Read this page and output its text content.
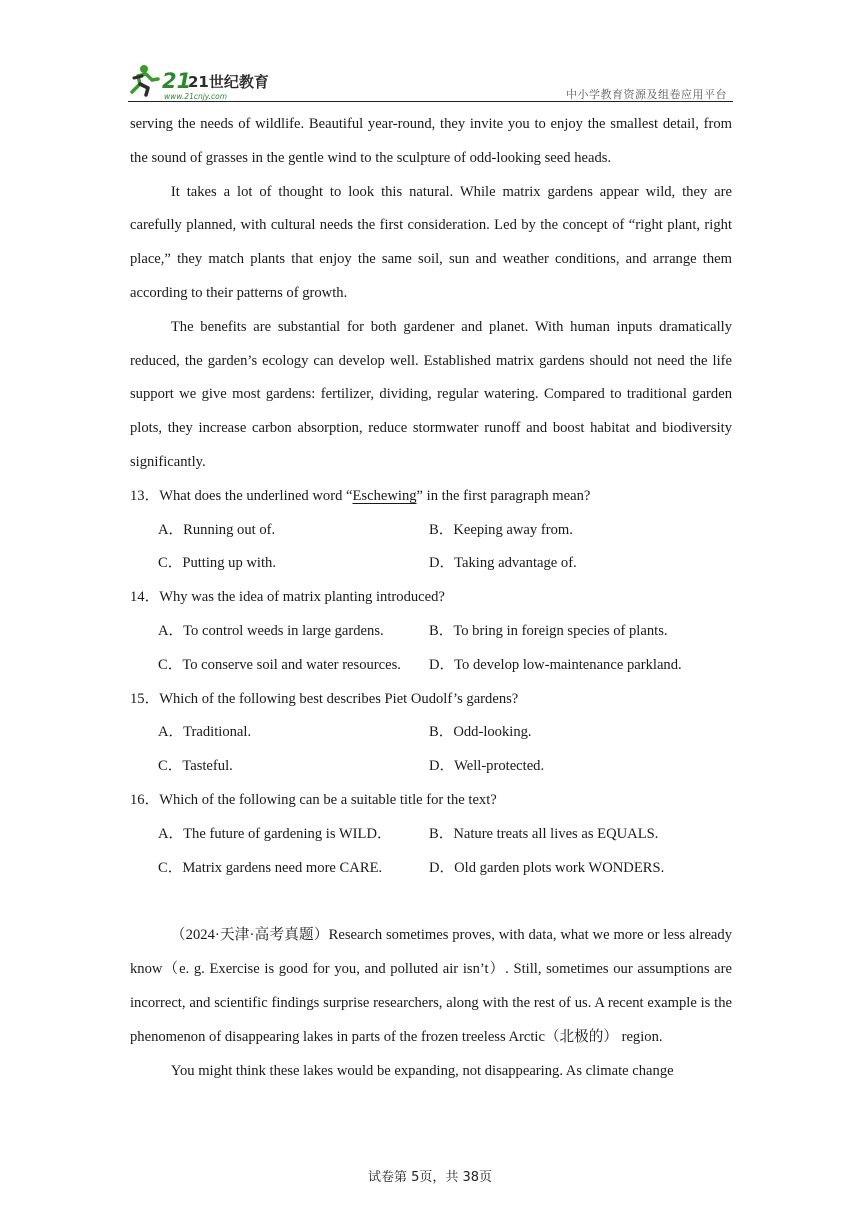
21
21世纪教育
www.21cnjy.com	中小学教育资源及组卷应用平台

serving the needs of wildlife. Beautiful year-round, they invite you to enjoy the smallest detail, from the sound of grasses in the gentle wind to the sculpture of odd-looking seed heads.

It takes a lot of thought to look this natural. While matrix gardens appear wild, they are carefully planned, with cultural needs the first consideration. Led by the concept of “right plant, right place,” they match plants that enjoy the same soil, sun and weather conditions, and arrange them according to their patterns of growth.

The benefits are substantial for both gardener and planet. With human inputs dramatically reduced, the garden’s ecology can develop well. Established matrix gardens should not need the life support we give most gardens: fertilizer, dividing, regular watering. Compared to traditional garden plots, they increase carbon absorption, reduce stormwater runoff and boost habitat and biodiversity significantly.

13．What does the underlined word “Eschewing” in the first paragraph mean?
A．Running out of.	B．Keeping away from.
C．Putting up with.	D．Taking advantage of.
14．Why was the idea of matrix planting introduced?
A．To control weeds in large gardens.	B．To bring in foreign species of plants.
C．To conserve soil and water resources.	D．To develop low-maintenance parkland.
15．Which of the following best describes Piet Oudolf’s gardens?
A．Traditional.	B．Odd-looking.
C．Tasteful.	D．Well-protected.
16．Which of the following can be a suitable title for the text?
A．The future of gardening is WILD．	B．Nature treats all lives as EQUALS.
C．Matrix gardens need more CARE.	D．Old garden plots work WONDERS.

（2024·天津·高考真题）Research sometimes proves, with data, what we more or less already know（e. g. Exercise is good for you, and polluted air isn’t）. Still, sometimes our assumptions are incorrect, and scientific findings surprise researchers, along with the rest of us. A recent example is the phenomenon of disappearing lakes in parts of the frozen treeless Arctic（北极的） region.

You might think these lakes would be expanding, not disappearing. As climate change

试卷第 5页，共 38页
